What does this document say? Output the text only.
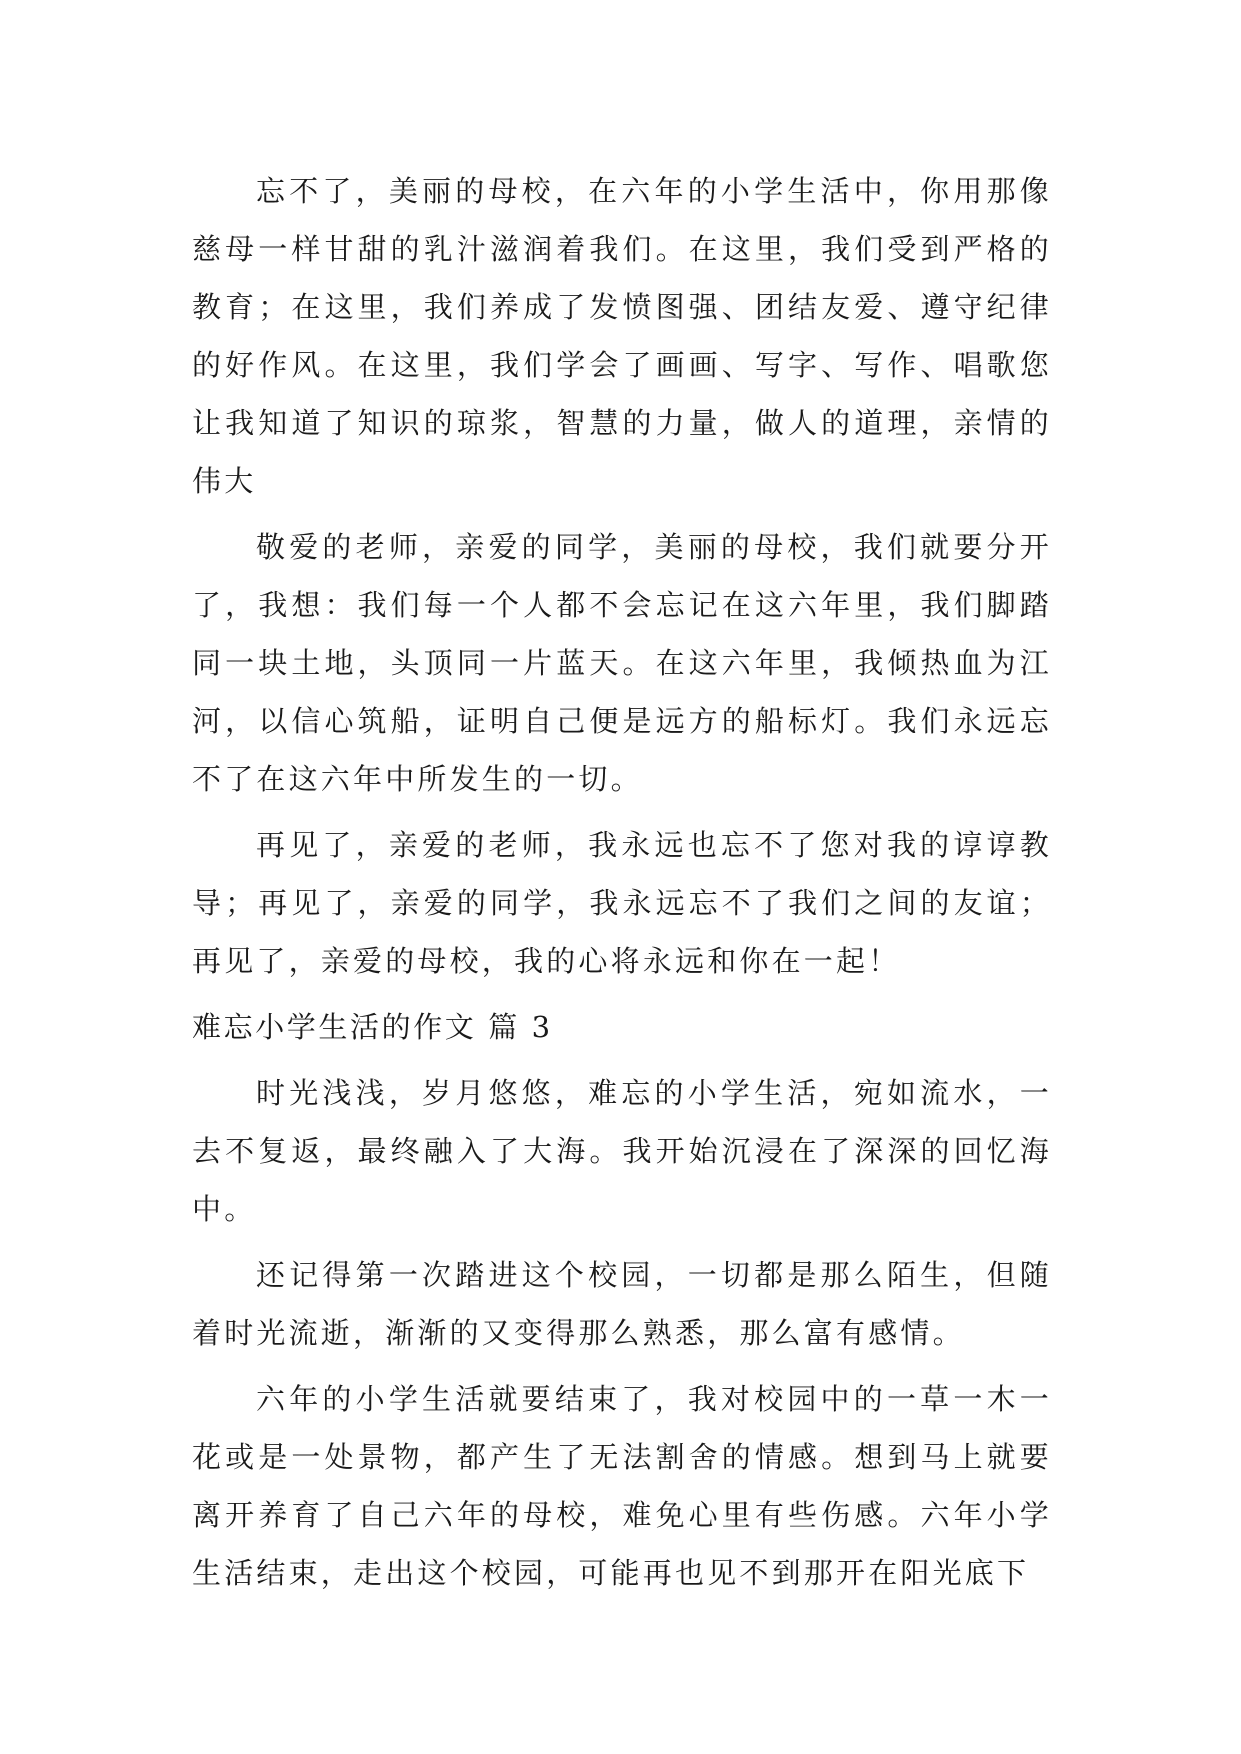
忘不了，美丽的母校，在六年的小学生活中，你用那像慈母一样甘甜的乳汁滋润着我们。在这里，我们受到严格的教育；在这里，我们养成了发愤图强、团结友爱、遵守纪律的好作风。在这里，我们学会了画画、写字、写作、唱歌您让我知道了知识的琼浆，智慧的力量，做人的道理，亲情的伟大

敬爱的老师，亲爱的同学，美丽的母校，我们就要分开了，我想：我们每一个人都不会忘记在这六年里，我们脚踏同一块土地，头顶同一片蓝天。在这六年里，我倾热血为江河，以信心筑船，证明自己便是远方的船标灯。我们永远忘不了在这六年中所发生的一切。

再见了，亲爱的老师，我永远也忘不了您对我的谆谆教导；再见了，亲爱的同学，我永远忘不了我们之间的友谊；再见了，亲爱的母校，我的心将永远和你在一起！

难忘小学生活的作文 篇 3

时光浅浅，岁月悠悠，难忘的小学生活，宛如流水，一去不复返，最终融入了大海。我开始沉浸在了深深的回忆海中。

还记得第一次踏进这个校园，一切都是那么陌生，但随着时光流逝，渐渐的又变得那么熟悉，那么富有感情。

六年的小学生活就要结束了，我对校园中的一草一木一花或是一处景物，都产生了无法割舍的情感。想到马上就要离开养育了自己六年的母校，难免心里有些伤感。六年小学生活结束，走出这个校园，可能再也见不到那开在阳光底下
